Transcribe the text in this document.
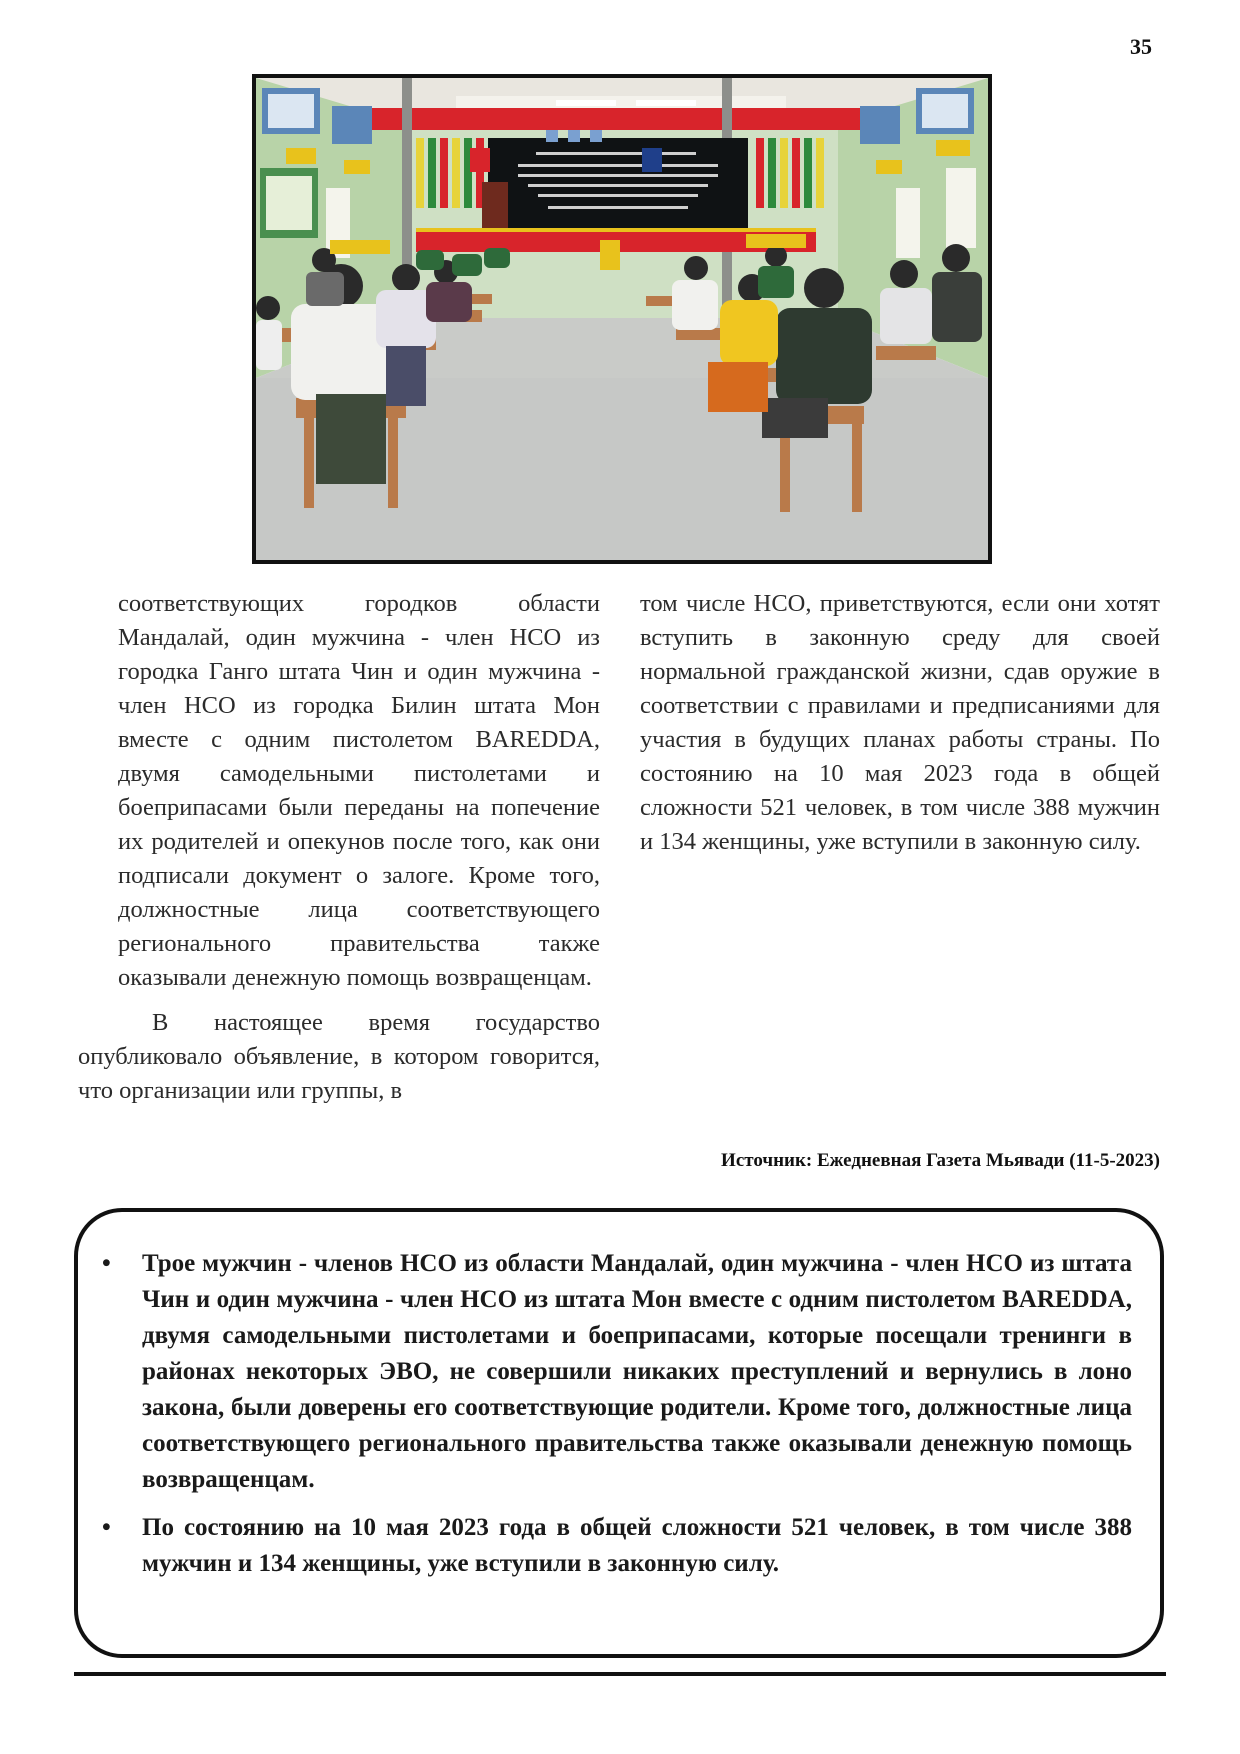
35

соответствующих городков области Мандалай, один мужчина - член НСО из городка Ганго штата Чин и один мужчина - член НСО из городка Билин штата Мон вместе с одним пистолетом BAREDDA, двумя самодельными пистолетами и боеприпасами были переданы на попечение их родителей и опекунов после того, как они подписали документ о залоге. Кроме того, должностные лица соответствующего регионального правительства также оказывали денежную помощь возвращенцам.

В настоящее время государство опубликовало объявление, в котором говорится, что организации или группы, в

том числе НСО, приветствуются, если они хотят вступить в законную среду для своей нормальной гражданской жизни, сдав оружие в соответствии с правилами и предписаниями для участия в будущих планах работы страны. По состоянию на 10 мая 2023 года в общей сложности 521 человек, в том числе 388 мужчин и 134 женщины, уже вступили в законную силу.

Источник: Ежедневная Газета Мьявади (11-5-2023)
• Трое мужчин - членов НСО из области Мандалай, один мужчина - член НСО из штата Чин и один мужчина - член НСО из штата Мон вместе с одним пистолетом BAREDDA, двумя самодельными пистолетами и боеприпасами, которые посещали тренинги в районах некоторых ЭВО, не совершили никаких преступлений и вернулись в лоно закона, были доверены его соответствующие родители. Кроме того, должностные лица соответствующего регионального правительства также оказывали денежную помощь возвращенцам.
• По состоянию на 10 мая 2023 года в общей сложности 521 человек, в том числе 388 мужчин и 134 женщины, уже вступили в законную силу.
